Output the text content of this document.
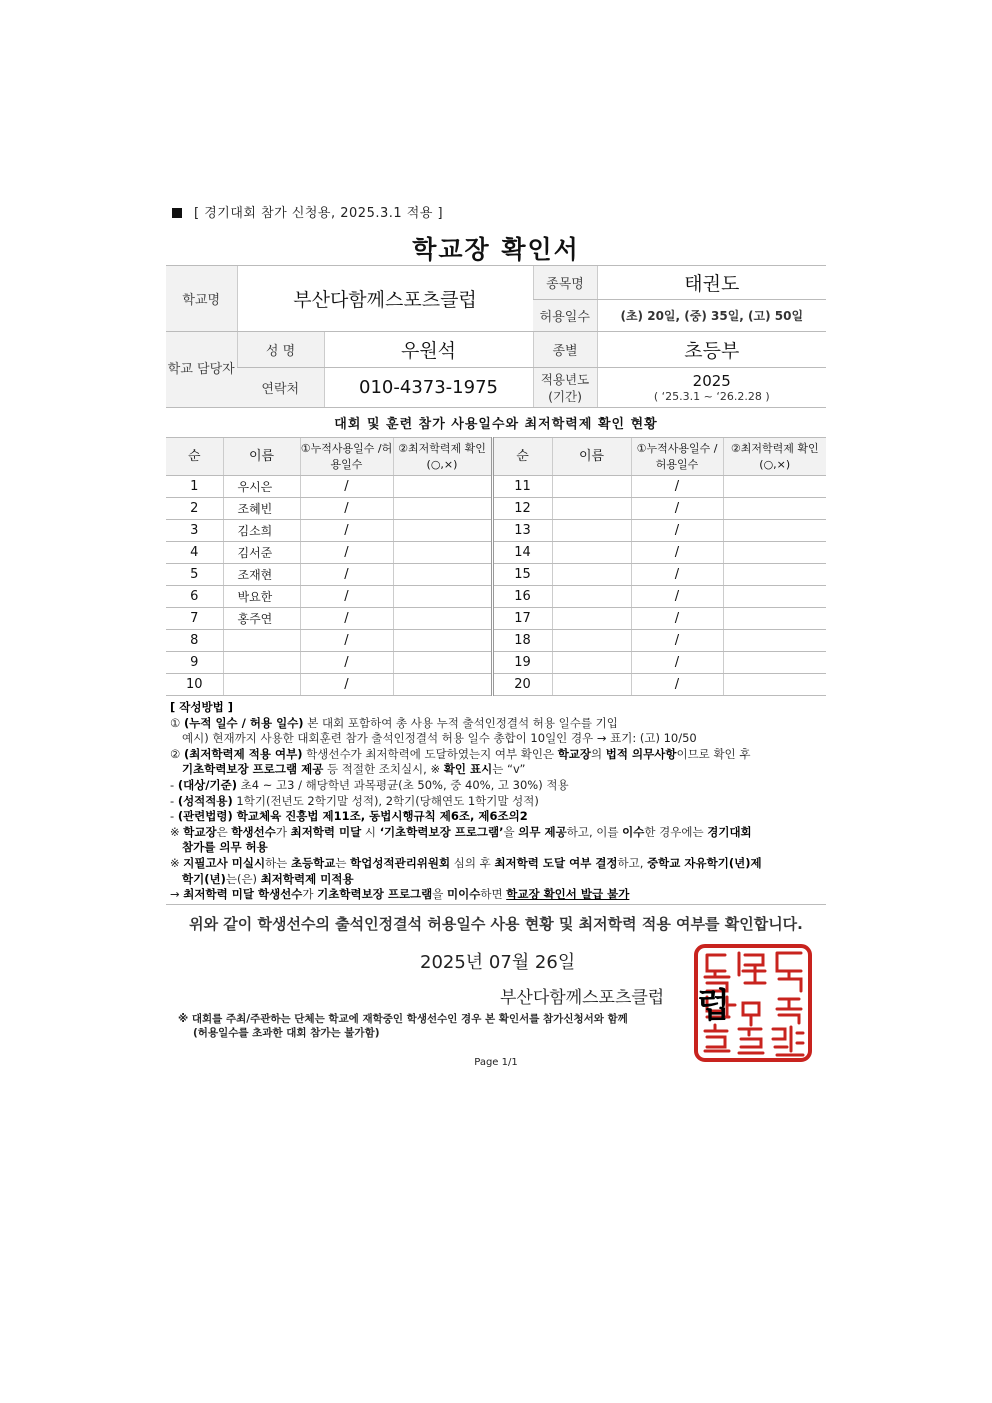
[ 경기대회 참가 신청용, 2025.3.1 적용 ]
학교장 확인서
학교명	부산다함께스포츠클럽		종목명	태권도
			허용일수	(초) 20일, (중) 35일, (고) 50일
학교 담당자	성 명	우원석	종별	초등부
	연락처	010-4373-1975	적용년도 (기간)	2025
( ‘25.3.1 ~ ‘26.2.28 )
대회 및 훈련 참가 사용일수와 최저학력제 확인 현황
순	이름	①누적사용일수 /허용일수	②최저학력제 확인(○,×)	순	이름	①누적사용일수 /허용일수	②최저학력제 확인(○,×)
1	우시은	/		11		/	
2	조혜빈	/		12		/	
3	김소희	/		13		/	
4	김서준	/		14		/	
5	조재현	/		15		/	
6	박요한	/		16		/	
7	홍주연	/		17		/	
8		/		18		/	
9		/		19		/	
10		/		20		/	
[ 작성방법 ]
① (누적 일수 / 허용 일수) 본 대회 포함하여 총 사용 누적 출석인정결석 허용 일수를 기입
예시) 현재까지 사용한 대회훈련 참가 출석인정결석 허용 일수 총합이 10일인 경우 → 표기: (고) 10/50
② (최저학력제 적용 여부) 학생선수가 최저학력에 도달하였는지 여부 확인은 학교장의 법적 의무사항이므로 확인 후
기초학력보장 프로그램 제공 등 적절한 조치실시, ※ 확인 표시는 “v”
- (대상/기준) 초4 ~ 고3 / 해당학년 과목평균(초 50%, 중 40%, 고 30%) 적용
- (성적적용) 1학기(전년도 2학기말 성적), 2학기(당해연도 1학기말 성적)
- (관련법령) 학교체육 진흥법 제11조, 동법시행규칙 제6조, 제6조의2
※ 학교장은 학생선수가 최저학력 미달 시 ‘기초학력보장 프로그램’을 의무 제공하고, 이를 이수한 경우에는 경기대회
참가를 의무 허용
※ 지필고사 미실시하는 초등학교는 학업성적관리위원회 심의 후 최저학력 도달 여부 결정하고, 중학교 자유학기(년)제
학기(년)는(은) 최저학력제 미적용
→ 최저학력 미달 학생선수가 기초학력보장 프로그램을 미이수하면 학교장 확인서 발급 불가
위와 같이 학생선수의 출석인정결석 허용일수 사용 현황 및 최저학력 적용 여부를 확인합니다.
2025년 07월 26일
부산다함께스포츠클럽 럽
※ 대회를 주최/주관하는 단체는 학교에 재학중인 학생선수인 경우 본 확인서를 참가신청서와 함께
(허용일수를 초과한 대회 참가는 불가함)
Page 1/1
